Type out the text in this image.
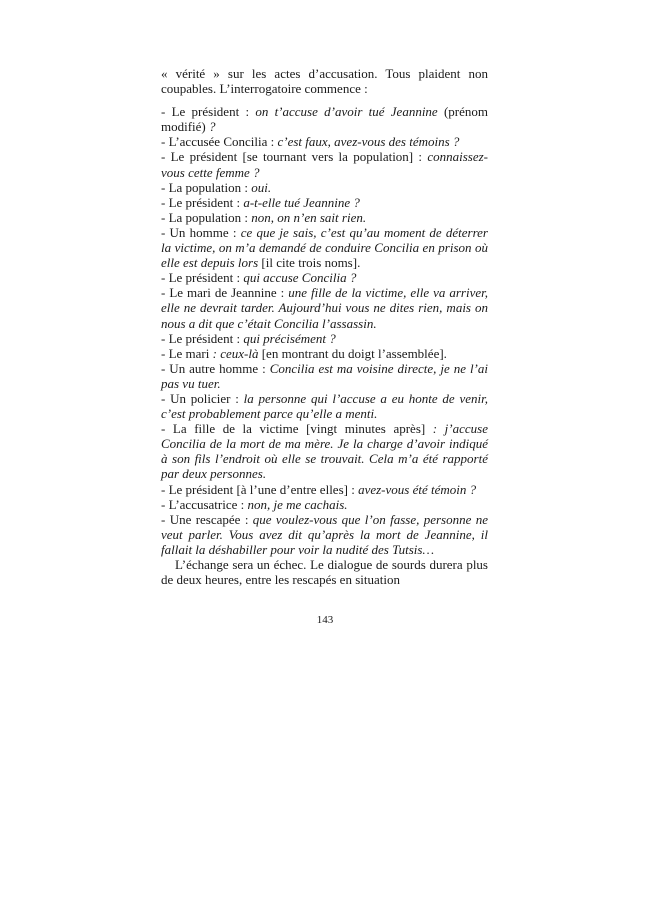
« vérité » sur les actes d’accusation. Tous plaident non coupables. L’interrogatoire commence :

- Le président : on t’accuse d’avoir tué Jeannine (prénom modifié) ?

- L’accusée Concilia : c’est faux, avez-vous des témoins ?

- Le président [se tournant vers la population] : connaissez-vous cette femme ?

- La population : oui.

- Le président : a-t-elle tué Jeannine ?

- La population : non, on n’en sait rien.

- Un homme : ce que je sais, c’est qu’au moment de déterrer la victime, on m’a demandé de conduire Concilia en prison où elle est depuis lors [il cite trois noms].

- Le président : qui accuse Concilia ?

- Le mari de Jeannine : une fille de la victime, elle va arriver, elle ne devrait tarder. Aujourd’hui vous ne dites rien, mais on nous a dit que c’était Concilia l’assassin.

- Le président : qui précisément ?

- Le mari : ceux-là [en montrant du doigt l’assemblée].

- Un autre homme : Concilia est ma voisine directe, je ne l’ai pas vu tuer.

- Un policier : la personne qui l’accuse a eu honte de venir, c’est probablement parce qu’elle a menti.

- La fille de la victime [vingt minutes après] : j’accuse Concilia de la mort de ma mère. Je la charge d’avoir indiqué à son fils l’endroit où elle se trouvait. Cela m’a été rapporté par deux personnes.

- Le président [à l’une d’entre elles] : avez-vous été témoin ?

- L’accusatrice : non, je me cachais.

- Une rescapée : que voulez-vous que l’on fasse, personne ne veut parler. Vous avez dit qu’après la mort de Jeannine, il fallait la déshabiller pour voir la nudité des Tutsis…

L’échange sera un échec. Le dialogue de sourds durera plus de deux heures, entre les rescapés en situation

143
